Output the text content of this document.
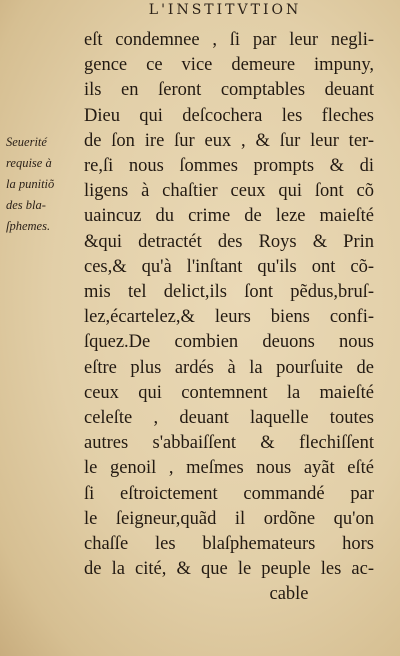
L'INSTITVTION
Seuerité
requise à
la punitiõ
des bla-
ſphemes.
eſt condemnee , ſi par leur negli-
gence ce vice demeure impuny,
ils en ſeront comptables deuant
Dieu qui deſcochera les fleches
de ſon ire ſur eux , & ſur leur ter-
re,ſi nous ſommes prompts & di
ligens à chaſtier ceux qui ſont cõ
uaincuz du crime de leze maieſté
&qui detractét des Roys & Prin
ces,& qu'à l'inſtant qu'ils ont cõ-
mis tel delict,ils ſont pẽdus,bruſ-
lez,écartelez,& leurs biens confi-
ſquez.De combien deuons nous
eſtre plus ardés à la pourſuite de
ceux qui contemnent la maieſté
celeſte , deuant laquelle toutes
autres s'abbaiſſent & flechiſſent
le genoil , meſmes nous ayãt eſté
ſi eſtroictement commandé par
le ſeigneur,quãd il ordõne qu'on
chaſſe les blaſphemateurs hors
de la cité, & que le peuple les ac-
cable
